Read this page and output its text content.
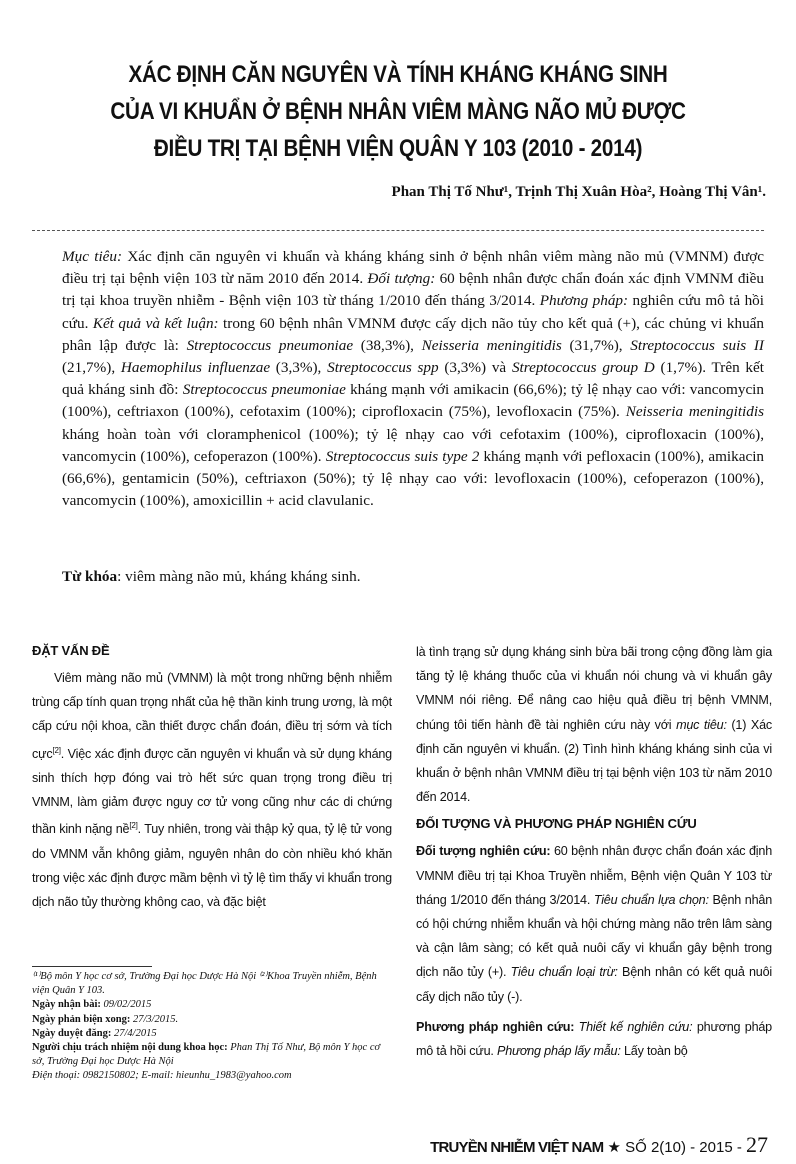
XÁC ĐỊNH CĂN NGUYÊN VÀ TÍNH KHÁNG KHÁNG SINH
CỦA VI KHUẨN Ở BỆNH NHÂN VIÊM MÀNG NÃO MỦ ĐƯỢC
ĐIỀU TRỊ TẠI BỆNH VIỆN QUÂN Y 103 (2010 - 2014)
Phan Thị Tố Như¹, Trịnh Thị Xuân Hòa², Hoàng Thị Vân¹.
Mục tiêu: Xác định căn nguyên vi khuẩn và kháng kháng sinh ở bệnh nhân viêm màng não mủ (VMNM) được điều trị tại bệnh viện 103 từ năm 2010 đến 2014. Đối tượng: 60 bệnh nhân được chẩn đoán xác định VMNM điều trị tại khoa truyền nhiễm - Bệnh viện 103 từ tháng 1/2010 đến tháng 3/2014. Phương pháp: nghiên cứu mô tả hồi cứu. Kết quả và kết luận: trong 60 bệnh nhân VMNM được cấy dịch não tủy cho kết quả (+), các chủng vi khuẩn phân lập được là: Streptococcus pneumoniae (38,3%), Neisseria meningitidis (31,7%), Streptococcus suis II (21,7%), Haemophilus influenzae (3,3%), Streptococcus spp (3,3%) và Streptococcus group D (1,7%). Trên kết quả kháng sinh đồ: Streptococcus pneumoniae kháng mạnh với amikacin (66,6%); tỷ lệ nhạy cao với: vancomycin (100%), ceftriaxon (100%), cefotaxim (100%); ciprofloxacin (75%), levofloxacin (75%). Neisseria meningitidis kháng hoàn toàn với cloramphenicol (100%); tỷ lệ nhạy cao với cefotaxim (100%), ciprofloxacin (100%), vancomycin (100%), cefoperazon (100%). Streptococcus suis type 2 kháng mạnh với pefloxacin (100%), amikacin (66,6%), gentamicin (50%), ceftriaxon (50%); tỷ lệ nhạy cao với: levofloxacin (100%), cefoperazon (100%), vancomycin (100%), amoxicillin + acid clavulanic.
Từ khóa: viêm màng não mủ, kháng kháng sinh.
ĐẶT VẤN ĐỀ

Viêm màng não mủ (VMNM) là một trong những bệnh nhiễm trùng cấp tính quan trọng nhất của hệ thần kinh trung ương, là một cấp cứu nội khoa, cần thiết được chẩn đoán, điều trị sớm và tích cực[2]. Việc xác định được căn nguyên vi khuẩn và sử dụng kháng sinh thích hợp đóng vai trò hết sức quan trọng trong điều trị VMNM, làm giảm được nguy cơ tử vong cũng như các di chứng thần kinh nặng nề[2]. Tuy nhiên, trong vài thập kỷ qua, tỷ lệ tử vong do VMNM vẫn không giảm, nguyên nhân do còn nhiều khó khăn trong việc xác định được mầm bệnh vì tỷ lệ tìm thấy vi khuẩn trong dịch não tủy thường không cao, và đặc biệt

là tình trạng sử dụng kháng sinh bừa bãi trong cộng đồng làm gia tăng tỷ lệ kháng thuốc của vi khuẩn nói chung và vi khuẩn gây VMNM nói riêng. Để nâng cao hiệu quả điều trị bệnh VMNM, chúng tôi tiến hành đề tài nghiên cứu này với mục tiêu: (1) Xác định căn nguyên vi khuẩn. (2) Tình hình kháng kháng sinh của vi khuẩn ở bệnh nhân VMNM điều trị tại bệnh viện 103 từ năm 2010 đến 2014.

ĐỐI TƯỢNG VÀ PHƯƠNG PHÁP NGHIÊN CỨU

Đối tượng nghiên cứu: 60 bệnh nhân được chẩn đoán xác định VMNM điều trị tại Khoa Truyền nhiễm, Bệnh viện Quân Y 103 từ tháng 1/2010 đến tháng 3/2014. Tiêu chuẩn lựa chọn: Bệnh nhân có hội chứng nhiễm khuẩn và hội chứng màng não trên lâm sàng và cận lâm sàng; có kết quả nuôi cấy vi khuẩn gây bệnh trong dịch não tủy (+). Tiêu chuẩn loại trừ: Bệnh nhân có kết quả nuôi cấy dịch não tủy (-).

Phương pháp nghiên cứu: Thiết kế nghiên cứu: phương pháp mô tả hồi cứu. Phương pháp lấy mẫu: Lấy toàn bộ

⁽¹⁾Bộ môn Y học cơ sở, Trường Đại học Dược Hà Nội ⁽²⁾Khoa Truyền nhiễm, Bệnh viện Quân Y 103.
Ngày nhận bài: 09/02/2015
Ngày phản biện xong: 27/3/2015.
Ngày duyệt đăng: 27/4/2015
Người chịu trách nhiệm nội dung khoa học: Phan Thị Tố Như, Bộ môn Y học cơ sở, Trường Đại học Dược Hà Nội
Điện thoại: 0982150802; E-mail: hieunhu_1983@yahoo.com
TRUYỀN NHIỄM VIỆT NAM ★ SỐ 2(10) - 2015 - 27
